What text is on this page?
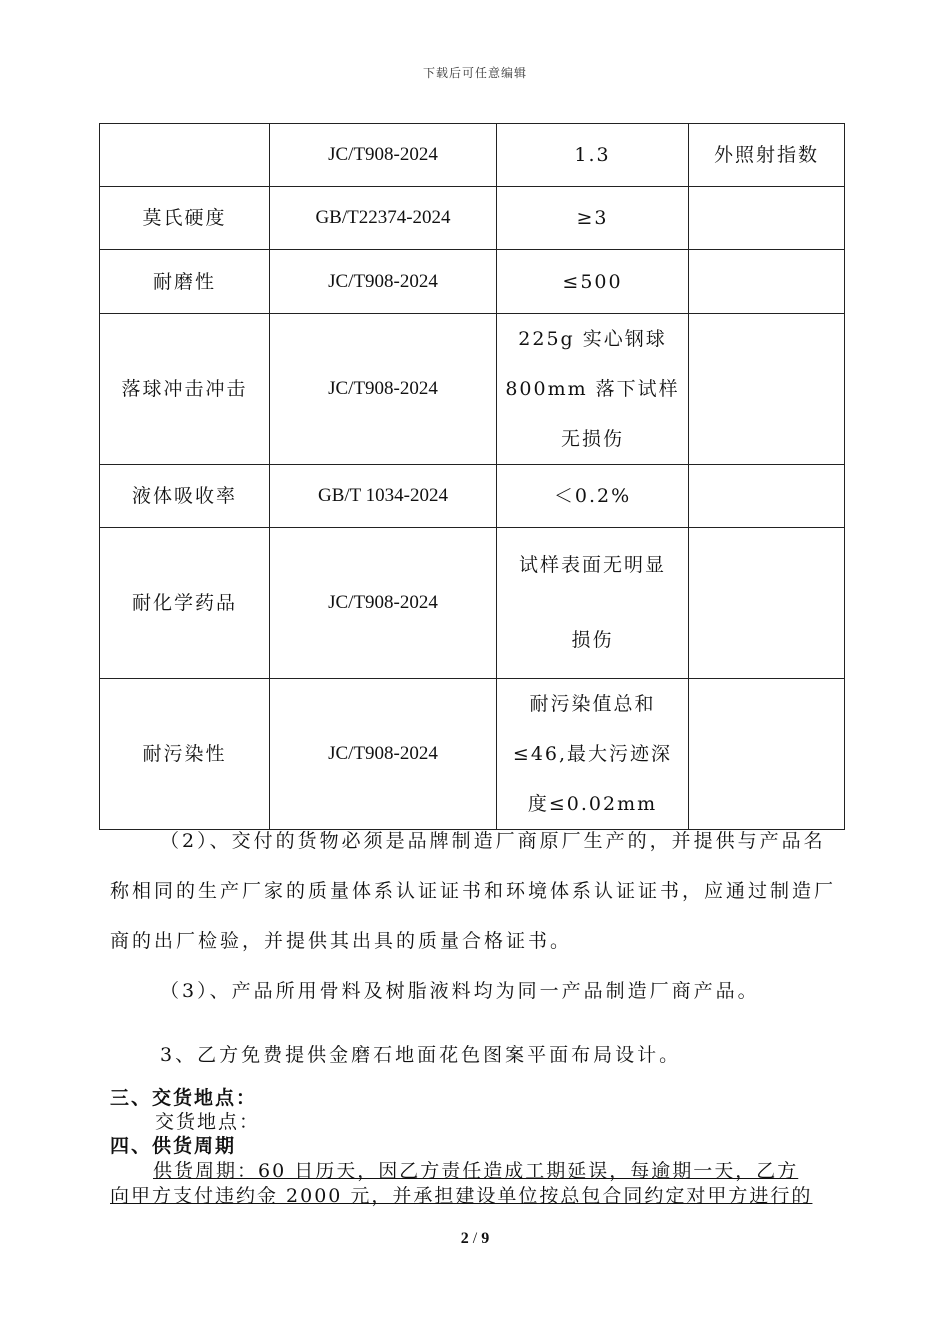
下载后可任意编辑
	JC/T908-2024	1.3	外照射指数
莫氏硬度	GB/T22374-2024	≥3	

耐磨性	JC/T908-2024	≤500	

落球冲击冲击	JC/T908-2024	225g 实心钢球
800mm 落下试样
无损伤	

液体吸收率	GB/T 1034-2024	＜0.2%	

耐化学药品	JC/T908-2024	试样表面无明显
损伤	

耐污染性	JC/T908-2024	耐污染值总和
≤46,最大污迹深
度≤0.02mm	

（2）、交付的货物必须是品牌制造厂商原厂生产的，并提供与产品名称相同的生产厂家的质量体系认证证书和环境体系认证证书，应通过制造厂商的出厂检验，并提供其出具的质量合格证书。
（3）、产品所用骨料及树脂液料均为同一产品制造厂商产品。
3、乙方免费提供金磨石地面花色图案平面布局设计。
三、交货地点：
交货地点：
四、供货周期
供货周期：60 日历天，因乙方责任造成工期延误，每逾期一天，乙方
向甲方支付违约金 2000 元，并承担建设单位按总包合同约定对甲方进行的
2 / 9
